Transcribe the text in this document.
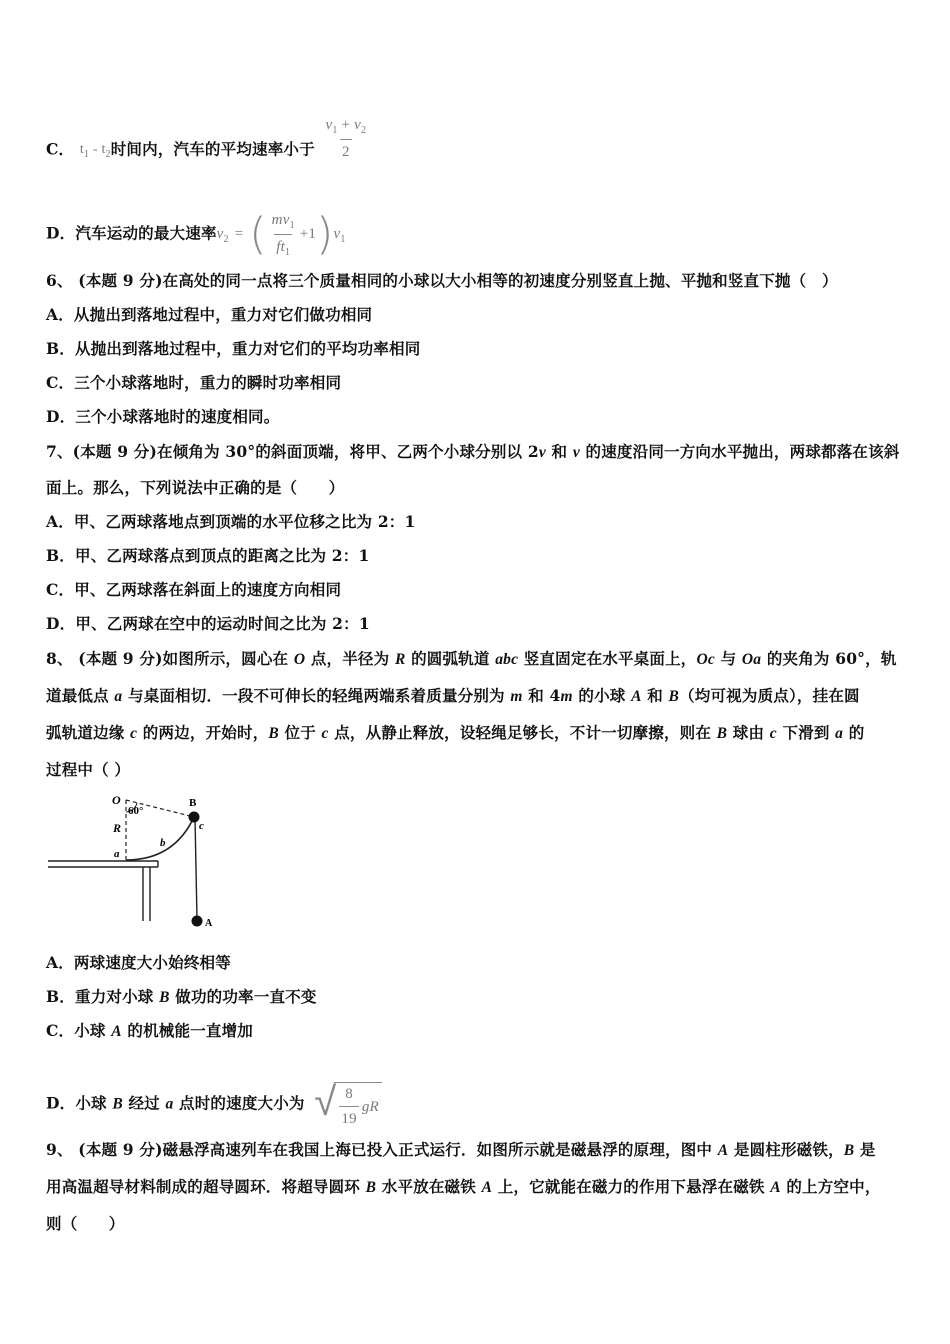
C． $t_1 - t_2$时间内，汽车的平均速率小于 $\frac{v_1 + v_2}{2}$
D．汽车运动的最大速率$v_2$ = ( $\frac{mv_1}{ft_1} +1)v_1$
6、 (本题 9 分)在高处的同一点将三个质量相同的小球以大小相等的初速度分别竖直上抛、平抛和竖直下抛（　）
A．从抛出到落地过程中，重力对它们做功相同
B．从抛出到落地过程中，重力对它们的平均功率相同
C．三个小球落地时，重力的瞬时功率相同
D．三个小球落地时的速度相同。
7、(本题 9 分)在倾角为 30°的斜面顶端，将甲、乙两个小球分别以 2v 和 v 的速度沿同一方向水平抛出，两球都落在该斜
面上。那么，下列说法中正确的是（　　）
A．甲、乙两球落地点到顶端的水平位移之比为 2：1
B．甲、乙两球落点到顶点的距离之比为 2：1
C．甲、乙两球落在斜面上的速度方向相同
D．甲、乙两球在空中的运动时间之比为 2：1
8、 (本题 9 分)如图所示，圆心在 O 点，半径为 R 的圆弧轨道 abc 竖直固定在水平桌面上，Oc 与 Oa 的夹角为 60°，轨
道最低点 a 与桌面相切．一段不可伸长的轻绳两端系着质量分别为 m 和 4m 的小球 A 和 B（均可视为质点），挂在圆
弧轨道边缘 c 的两边，开始时，B 位于 c 点，从静止释放，设轻绳足够长，不计一切摩擦，则在 B 球由 c 下滑到 a 的
过程中（ ）
O
60°
R
a
b
B
c
A
A．两球速度大小始终相等
B．重力对小球 B 做功的功率一直不变
C．小球 A 的机械能一直增加
D．小球 B 经过 a 点时的速度大小为 √ $\frac{8}{19}$ gR
9、 (本题 9 分)磁悬浮高速列车在我国上海已投入正式运行．如图所示就是磁悬浮的原理，图中 A 是圆柱形磁铁，B 是
用高温超导材料制成的超导圆环．将超导圆环 B 水平放在磁铁 A 上，它就能在磁力的作用下悬浮在磁铁 A 的上方空中，
则（　　）
